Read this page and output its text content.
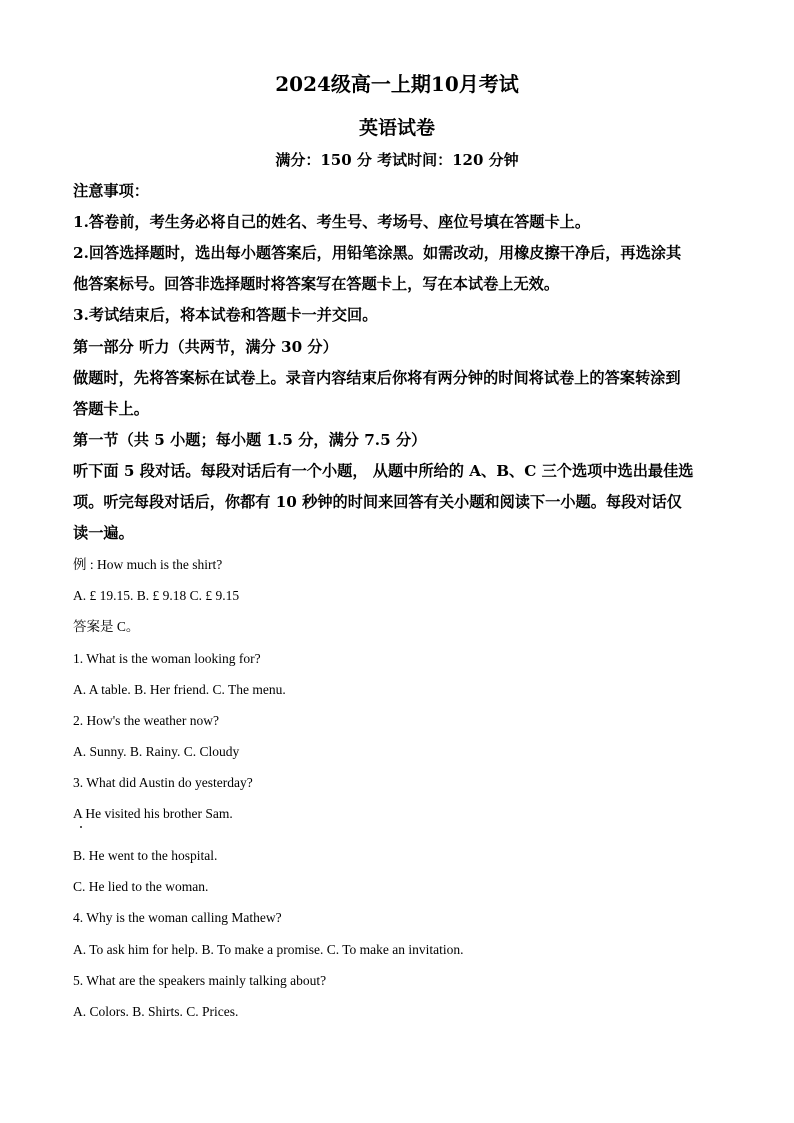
2024级高一上期10月考试
英语试卷
满分：150 分 考试时间：120 分钟
注意事项：
1.答卷前，考生务必将自己的姓名、考生号、考场号、座位号填在答题卡上。
2.回答选择题时，选出每小题答案后，用铅笔涂黑。如需改动，用橡皮擦干净后，再选涂其
他答案标号。回答非选择题时将答案写在答题卡上，写在本试卷上无效。
3.考试结束后，将本试卷和答题卡一并交回。
第一部分 听力（共两节，满分 30 分）
做题时，先将答案标在试卷上。录音内容结束后你将有两分钟的时间将试卷上的答案转涂到
答题卡上。
第一节（共 5 小题；每小题 1.5 分，满分 7.5 分）
听下面 5 段对话。每段对话后有一个小题， 从题中所给的 A、B、C 三个选项中选出最佳选
项。听完每段对话后，你都有 10 秒钟的时间来回答有关小题和阅读下一小题。每段对话仅
读一遍。
例 : How much is the shirt?
A. £ 19.15. B. £ 9.18 C. £ 9.15
答案是 C。
1. What is the woman looking for?
A. A table. B. Her friend. C. The menu.
2. How's the weather now?
A. Sunny. B. Rainy. C. Cloudy
3. What did Austin do yesterday?
A He visited his brother Sam.
B. He went to the hospital.
C. He lied to the woman.
4. Why is the woman calling Mathew?
A. To ask him for help. B. To make a promise. C. To make an invitation.
5. What are the speakers mainly talking about?
A. Colors. B. Shirts. C. Prices.
